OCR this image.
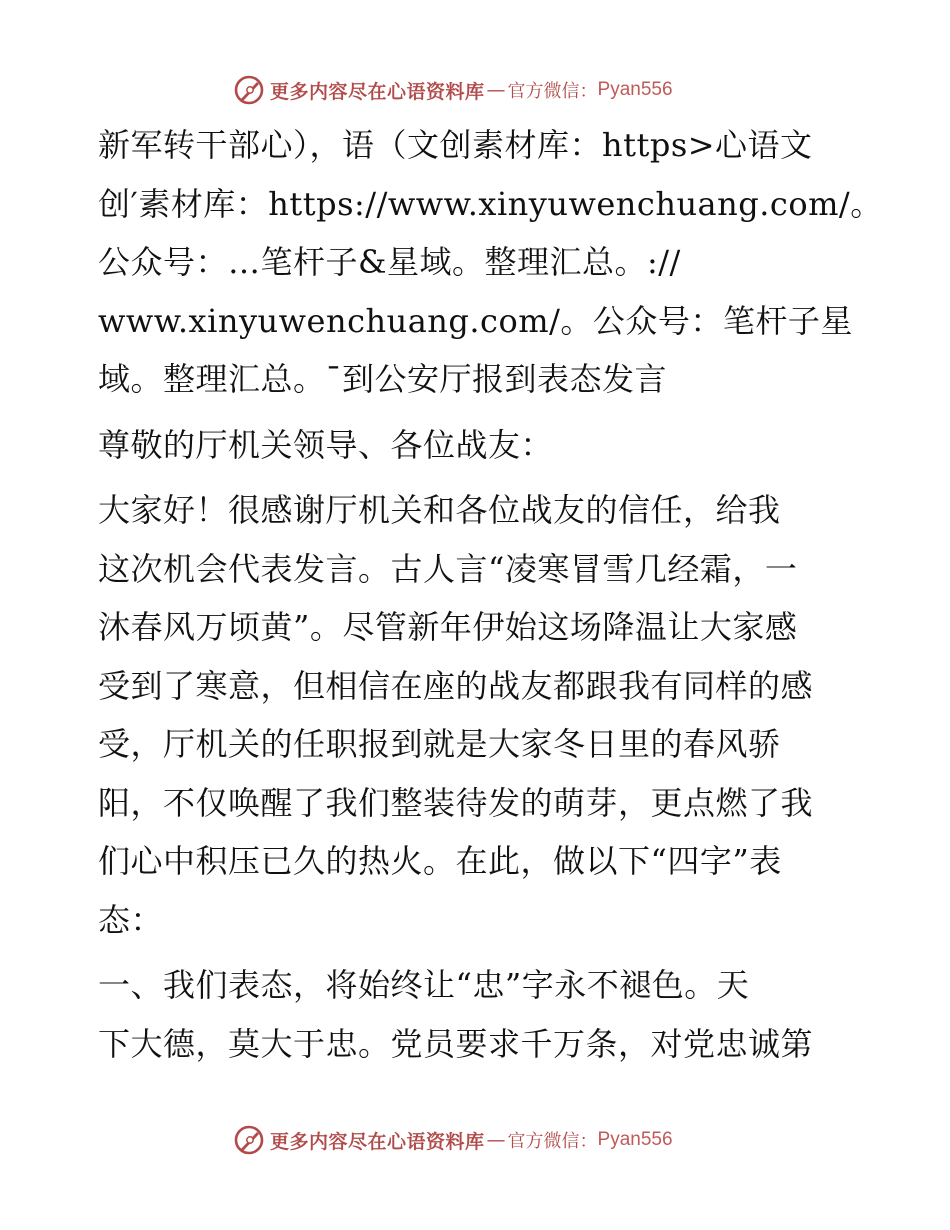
更多内容尽在心语资料库 — 官方微信： Pyan556
新军转干部心），语（文创素材库：https>心语文
创′素材库：https://www.xinyuwenchuang.com/。
公众号：…笔杆子&星域。整理汇总。://
www.xinyuwenchuang.com/。公众号：笔杆子星
域。整理汇总。¯到公安厅报到表态发言
尊敬的厅机关领导、各位战友：
大家好！很感谢厅机关和各位战友的信任，给我
这次机会代表发言。古人言“凌寒冒雪几经霜，一
沐春风万顷黄”。尽管新年伊始这场降温让大家感
受到了寒意，但相信在座的战友都跟我有同样的感
受，厅机关的任职报到就是大家冬日里的春风骄
阳，不仅唤醒了我们整装待发的萌芽，更点燃了我
们心中积压已久的热火。在此，做以下“四字”表
态：
一、我们表态，将始终让“忠”字永不褪色。天
下大德，莫大于忠。党员要求千万条，对党忠诚第
更多内容尽在心语资料库 — 官方微信： Pyan556
